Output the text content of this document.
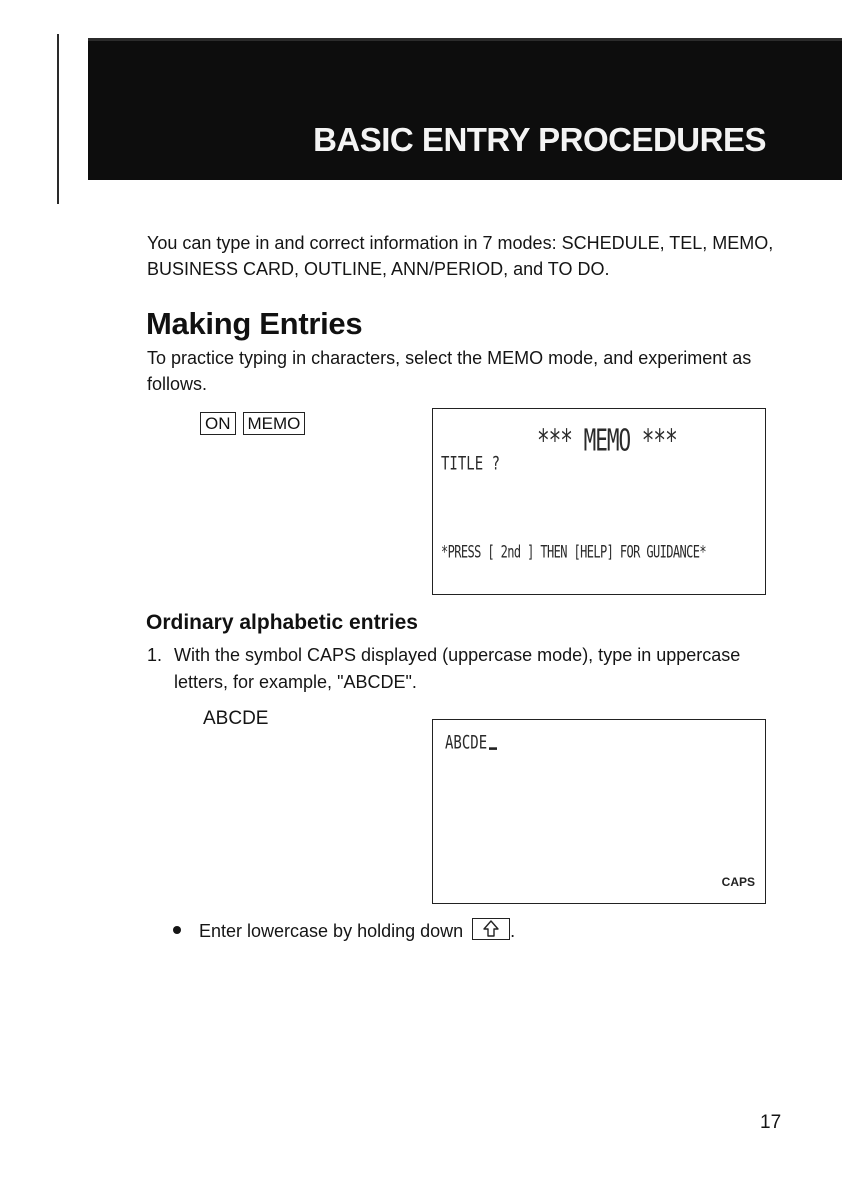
BASIC ENTRY PROCEDURES

You can type in and correct information in 7 modes: SCHEDULE, TEL, MEMO, BUSINESS CARD, OUTLINE, ANN/PERIOD, and TO DO.

Making Entries

To practice typing in characters, select the MEMO mode, and experiment as follows.

ON MEMO	*** MEMO ***
TITLE ?
*PRESS [ 2nd ] THEN [HELP] FOR GUIDANCE*
Ordinary alphabetic entries
1. With the symbol CAPS displayed (uppercase mode), type in uppercase letters, for example, "ABCDE".

ABCDE
ABCDE
CAPS
Enter lowercase by holding down	.
17
